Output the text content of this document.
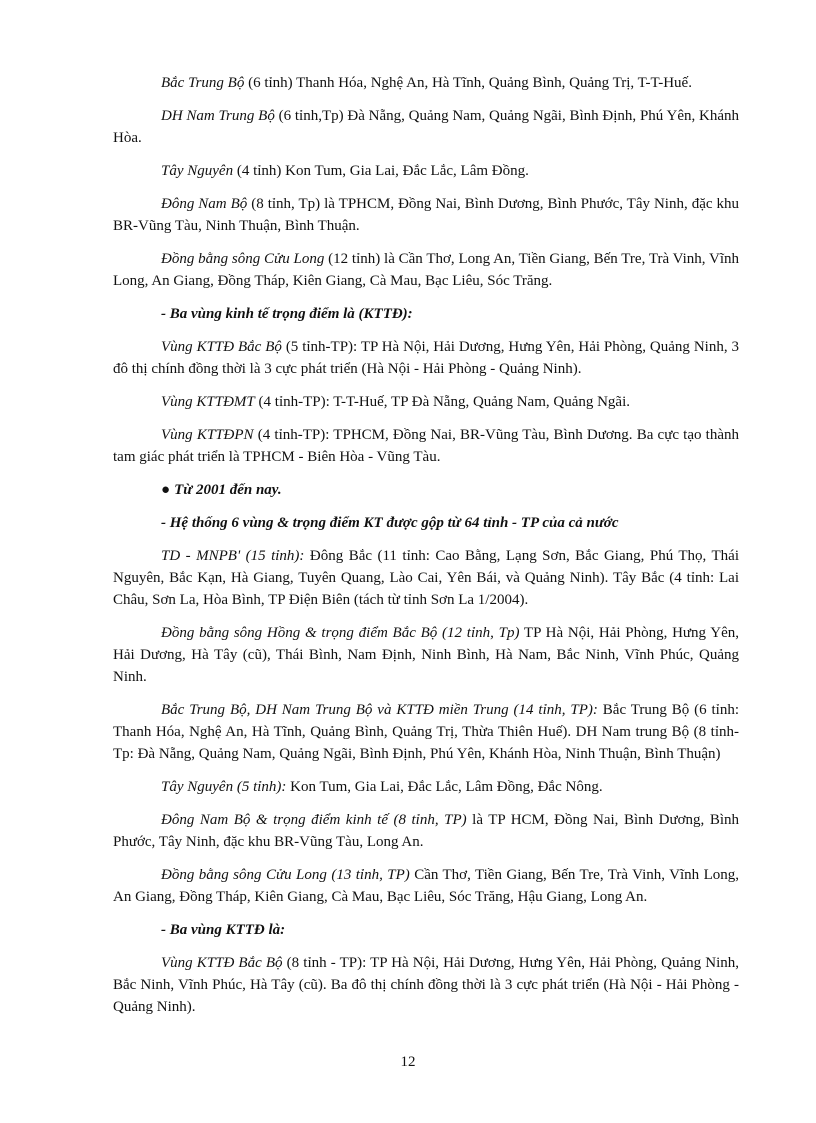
Bắc Trung Bộ (6 tỉnh) Thanh Hóa, Nghệ An, Hà Tĩnh, Quảng Bình, Quảng Trị, T-T-Huế.

DH Nam Trung Bộ (6 tỉnh,Tp) Đà Nẵng, Quảng Nam, Quảng Ngãi, Bình Định, Phú Yên, Khánh Hòa.

Tây Nguyên (4 tỉnh) Kon Tum, Gia Lai, Đắc Lắc, Lâm Đồng.

Đông Nam Bộ (8 tỉnh, Tp) là TPHCM, Đồng Nai, Bình Dương, Bình Phước, Tây Ninh, đặc khu BR-Vũng Tàu, Ninh Thuận, Bình Thuận.

Đồng bằng sông Cửu Long (12 tỉnh) là Cần Thơ, Long An, Tiền Giang, Bến Tre, Trà Vinh, Vĩnh Long, An Giang, Đồng Tháp, Kiên Giang, Cà Mau, Bạc Liêu, Sóc Trăng.

- Ba vùng kinh tế trọng điểm là (KTTĐ):

Vùng KTTĐ Bắc Bộ (5 tỉnh-TP): TP Hà Nội, Hải Dương, Hưng Yên, Hải Phòng, Quảng Ninh, 3 đô thị chính đồng thời là 3 cực phát triển (Hà Nội - Hải Phòng - Quảng Ninh).

Vùng KTTĐMT (4 tỉnh-TP): T-T-Huế, TP Đà Nẵng, Quảng Nam, Quảng Ngãi.

Vùng KTTĐPN (4 tỉnh-TP): TPHCM, Đồng Nai, BR-Vũng Tàu, Bình Dương. Ba cực tạo thành tam giác phát triển là TPHCM - Biên Hòa - Vũng Tàu.

● Từ 2001 đến nay.

- Hệ thống 6 vùng & trọng điểm KT được gộp từ 64 tỉnh - TP của cả nước

TD - MNPB' (15 tỉnh): Đông Bắc (11 tỉnh: Cao Bằng, Lạng Sơn, Bắc Giang, Phú Thọ, Thái Nguyên, Bắc Kạn, Hà Giang, Tuyên Quang, Lào Cai, Yên Bái, và Quảng Ninh). Tây Bắc (4 tỉnh: Lai Châu, Sơn La, Hòa Bình, TP Điện Biên (tách từ tỉnh Sơn La 1/2004).

Đồng bằng sông Hồng & trọng điểm Bắc Bộ (12 tỉnh, Tp) TP Hà Nội, Hải Phòng, Hưng Yên, Hải Dương, Hà Tây (cũ), Thái Bình, Nam Định, Ninh Bình, Hà Nam, Bắc Ninh, Vĩnh Phúc, Quảng Ninh.

Bắc Trung Bộ, DH Nam Trung Bộ và KTTĐ miền Trung (14 tỉnh, TP): Bắc Trung Bộ (6 tỉnh: Thanh Hóa, Nghệ An, Hà Tĩnh, Quảng Bình, Quảng Trị, Thừa Thiên Huế). DH Nam trung Bộ (8 tỉnh-Tp: Đà Nẵng, Quảng Nam, Quảng Ngãi, Bình Định, Phú Yên, Khánh Hòa, Ninh Thuận, Bình Thuận)

Tây Nguyên (5 tỉnh): Kon Tum, Gia Lai, Đắc Lắc, Lâm Đồng, Đắc Nông.

Đông Nam Bộ & trọng điểm kinh tế (8 tỉnh, TP) là TP HCM, Đồng Nai, Bình Dương, Bình Phước, Tây Ninh, đặc khu BR-Vũng Tàu, Long An.

Đồng bằng sông Cửu Long (13 tỉnh, TP) Cần Thơ, Tiền Giang, Bến Tre, Trà Vinh, Vĩnh Long, An Giang, Đồng Tháp, Kiên Giang, Cà Mau, Bạc Liêu, Sóc Trăng, Hậu Giang, Long An.

- Ba vùng KTTĐ là:

Vùng KTTĐ Bắc Bộ (8 tỉnh - TP): TP Hà Nội, Hải Dương, Hưng Yên, Hải Phòng, Quảng Ninh, Bắc Ninh, Vĩnh Phúc, Hà Tây (cũ). Ba đô thị chính đồng thời là 3 cực phát triển (Hà Nội - Hải Phòng - Quảng Ninh).

12
